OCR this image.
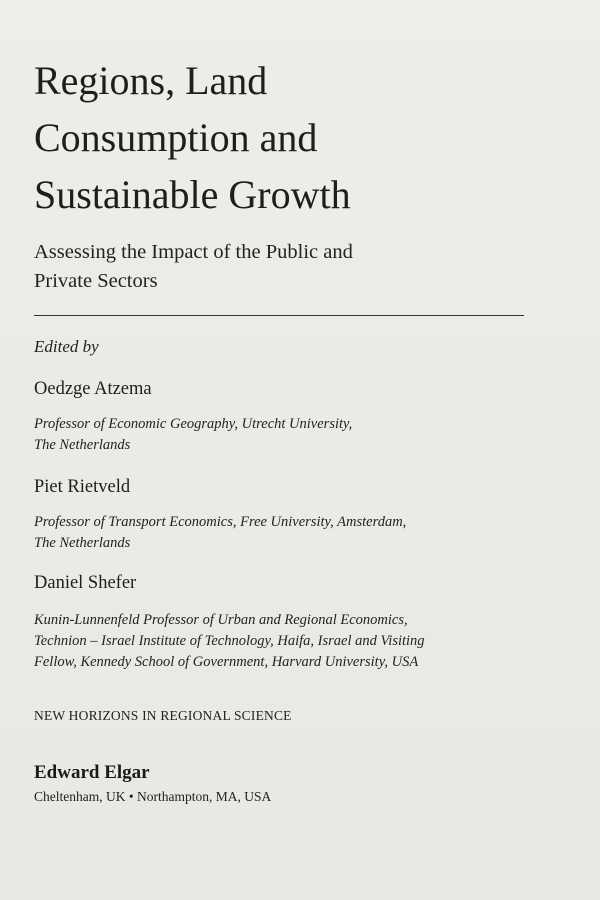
Regions, Land
Consumption and
Sustainable Growth
Assessing the Impact of the Public and
Private Sectors
Edited by
Oedzge Atzema
Professor of Economic Geography, Utrecht University,
The Netherlands
Piet Rietveld
Professor of Transport Economics, Free University, Amsterdam,
The Netherlands
Daniel Shefer
Kunin-Lunnenfeld Professor of Urban and Regional Economics,
Technion – Israel Institute of Technology, Haifa, Israel and Visiting
Fellow, Kennedy School of Government, Harvard University, USA
NEW HORIZONS IN REGIONAL SCIENCE
Edward Elgar
Cheltenham, UK • Northampton, MA, USA
